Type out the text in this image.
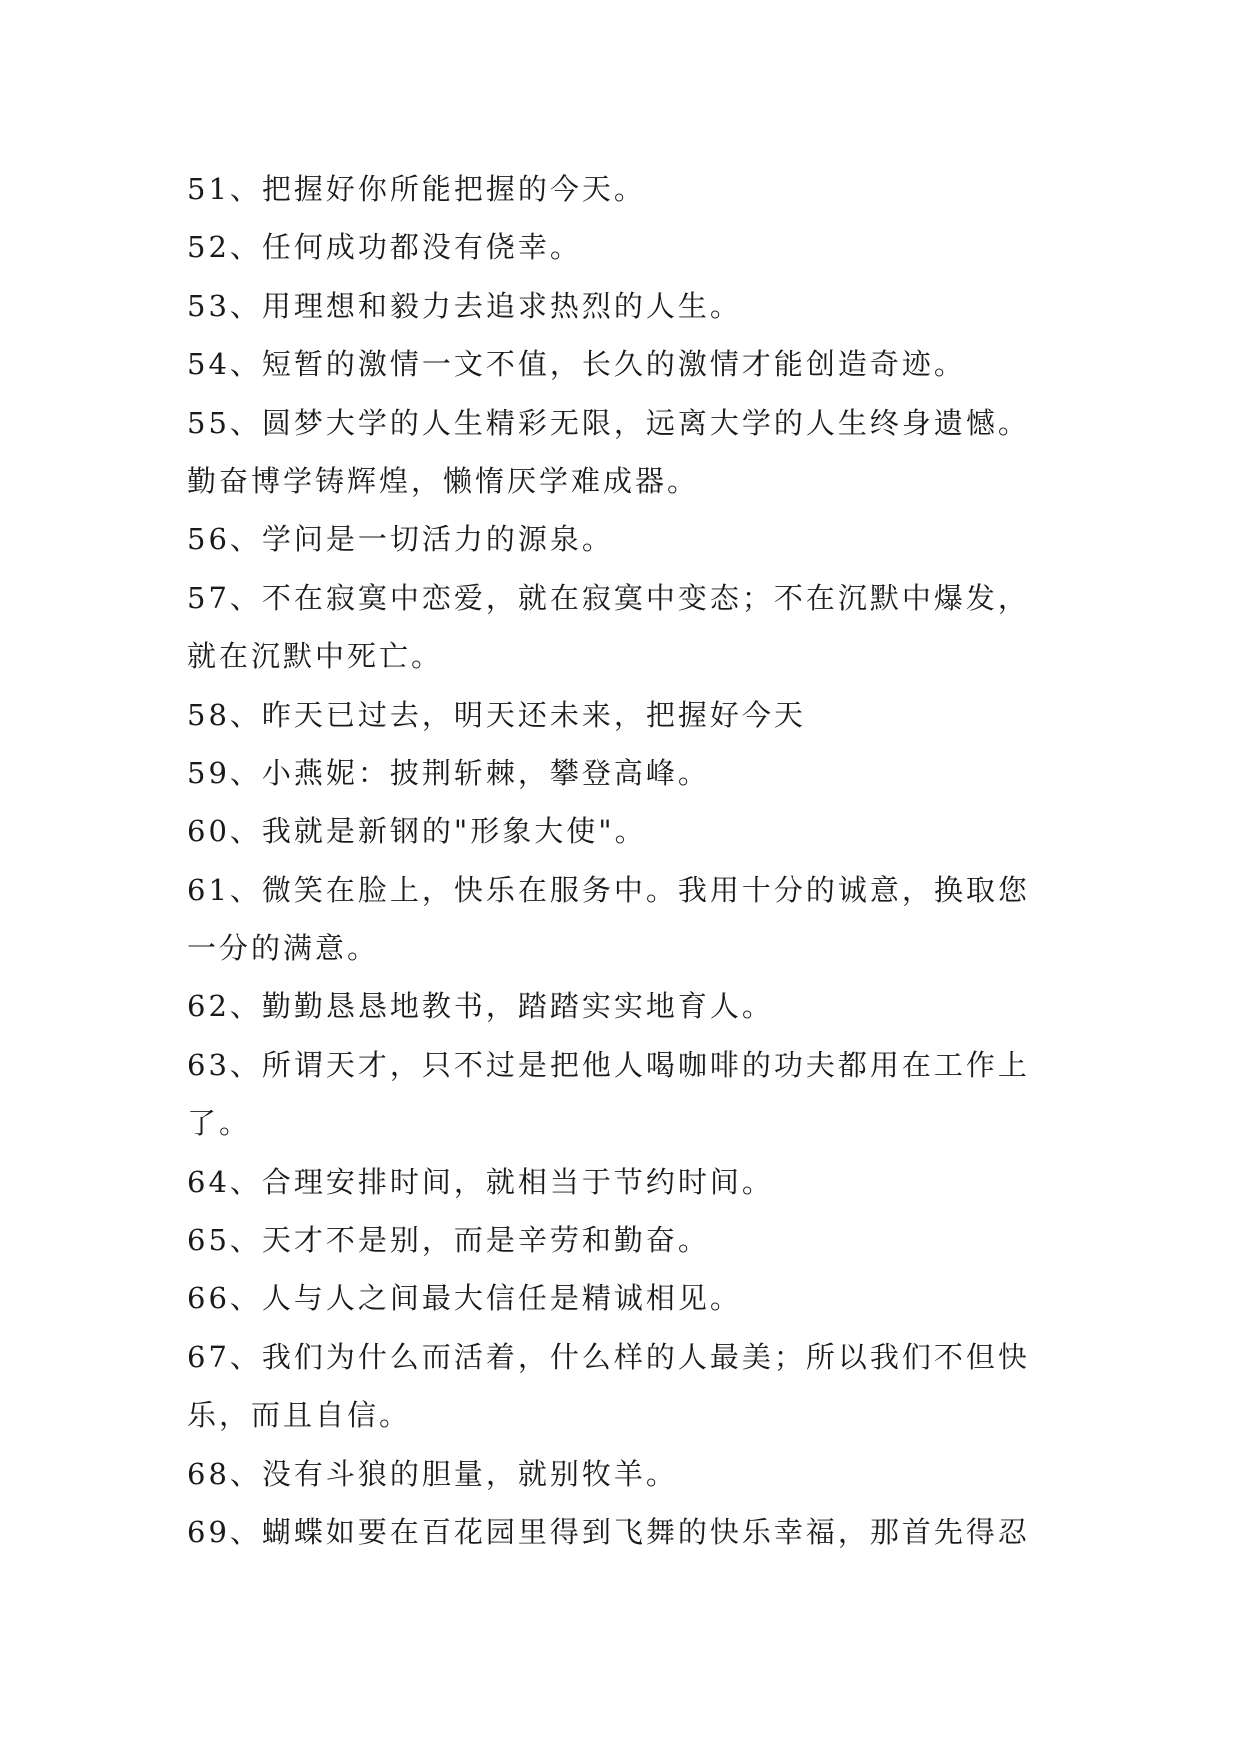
51、把握好你所能把握的今天。
52、任何成功都没有侥幸。
53、用理想和毅力去追求热烈的人生。
54、短暂的激情一文不值，长久的激情才能创造奇迹。
55、圆梦大学的人生精彩无限，远离大学的人生终身遗憾。
勤奋博学铸辉煌，懒惰厌学难成器。
56、学问是一切活力的源泉。
57、不在寂寞中恋爱，就在寂寞中变态；不在沉默中爆发，
就在沉默中死亡。
58、昨天已过去，明天还未来，把握好今天
59、小燕妮：披荆斩棘，攀登高峰。
60、我就是新钢的"形象大使"。
61、微笑在脸上，快乐在服务中。我用十分的诚意，换取您
一分的满意。
62、勤勤恳恳地教书，踏踏实实地育人。
63、所谓天才，只不过是把他人喝咖啡的功夫都用在工作上
了。
64、合理安排时间，就相当于节约时间。
65、天才不是别，而是辛劳和勤奋。
66、人与人之间最大信任是精诚相见。
67、我们为什么而活着，什么样的人最美；所以我们不但快
乐，而且自信。
68、没有斗狼的胆量，就别牧羊。
69、蝴蝶如要在百花园里得到飞舞的快乐幸福，那首先得忍
